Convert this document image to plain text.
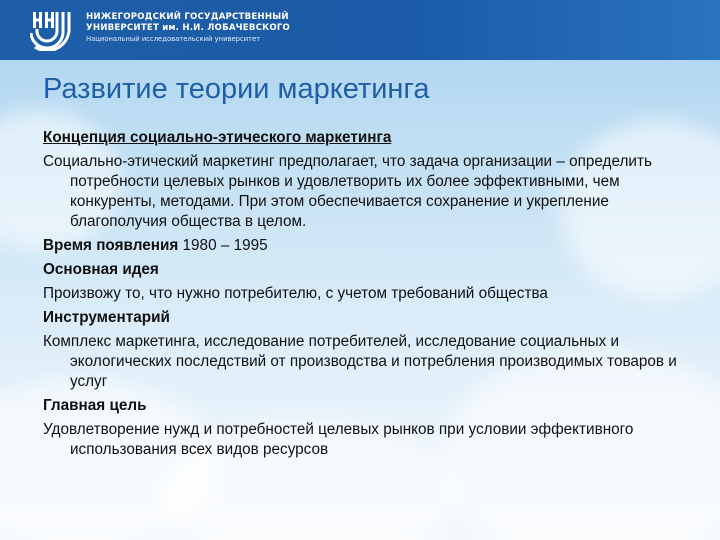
НИЖЕГОРОДСКИЙ ГОСУДАРСТВЕННЫЙ
УНИВЕРСИТЕТ им. Н.И. ЛОБАЧЕВСКОГО
Национальный исследовательский университет
Развитие теории маркетинга

Концепция социально-этического маркетинга

Социально-этический маркетинг предполагает, что задача организации – определить потребности целевых рынков и удовлетворить их более эффективными, чем конкуренты, методами. При этом обеспечивается сохранение и укрепление благополучия общества в целом.

Время появления 1980 – 1995

Основная идея

Произвожу то, что нужно потребителю, с учетом требований общества

Инструментарий

Комплекс маркетинга, исследование потребителей, исследование социальных и экологических последствий от производства и потребления производимых товаров и услуг

Главная цель

Удовлетворение нужд и потребностей целевых рынков при условии эффективного использования всех видов ресурсов
